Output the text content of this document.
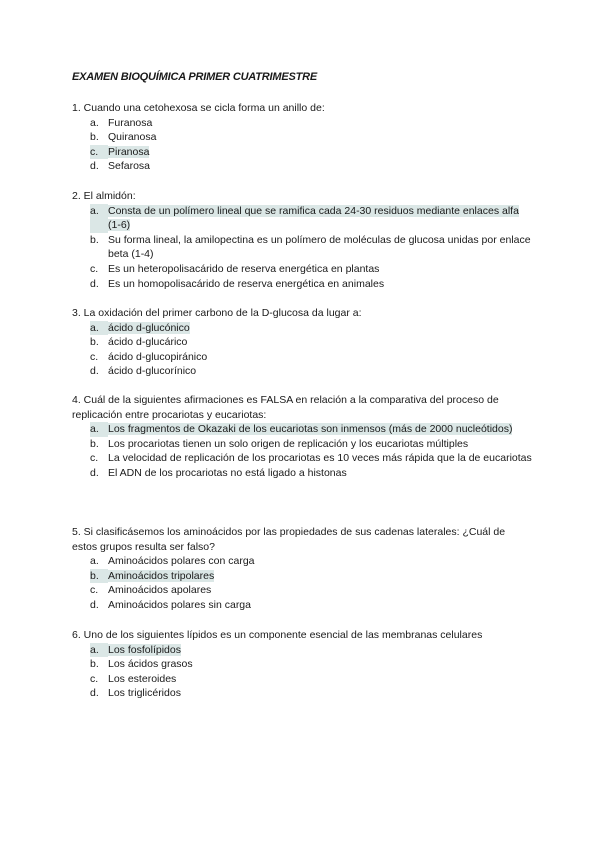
EXAMEN BIOQUÍMICA PRIMER CUATRIMESTRE

1. Cuando una cetohexosa se cicla forma un anillo de:

a. Furanosa
b. Quiranosa
c. Piranosa
d. Sefarosa

2. El almidón:

a. Consta de un polímero lineal que se ramifica cada 24-30 residuos mediante enlaces alfa (1-6)
b. Su forma lineal, la amilopectina es un polímero de moléculas de glucosa unidas por enlace beta (1-4)
c. Es un heteropolisacárido de reserva energética en plantas
d. Es un homopolisacárido de reserva energética en animales

3. La oxidación del primer carbono de la D-glucosa da lugar a:

a. ácido d-glucónico
b. ácido d-glucárico
c. ácido d-glucopiránico
d. ácido d-glucorínico

4. Cuál de la siguientes afirmaciones es FALSA en relación a la comparativa del proceso de replicación entre procariotas y eucariotas:

a. Los fragmentos de Okazaki de los eucariotas son inmensos (más de 2000 nucleótidos)
b. Los procariotas tienen un solo origen de replicación y los eucariotas múltiples
c. La velocidad de replicación de los procariotas es 10 veces más rápida que la de eucariotas
d. El ADN de los procariotas no está ligado a histonas

5. Si clasificásemos los aminoácidos por las propiedades de sus cadenas laterales: ¿Cuál de estos grupos resulta ser falso?

a. Aminoácidos polares con carga
b. Aminoácidos tripolares
c. Aminoácidos apolares
d. Aminoácidos polares sin carga

6. Uno de los siguientes lípidos es un componente esencial de las membranas celulares

a. Los fosfolípidos
b. Los ácidos grasos
c. Los esteroides
d. Los triglicéridos
